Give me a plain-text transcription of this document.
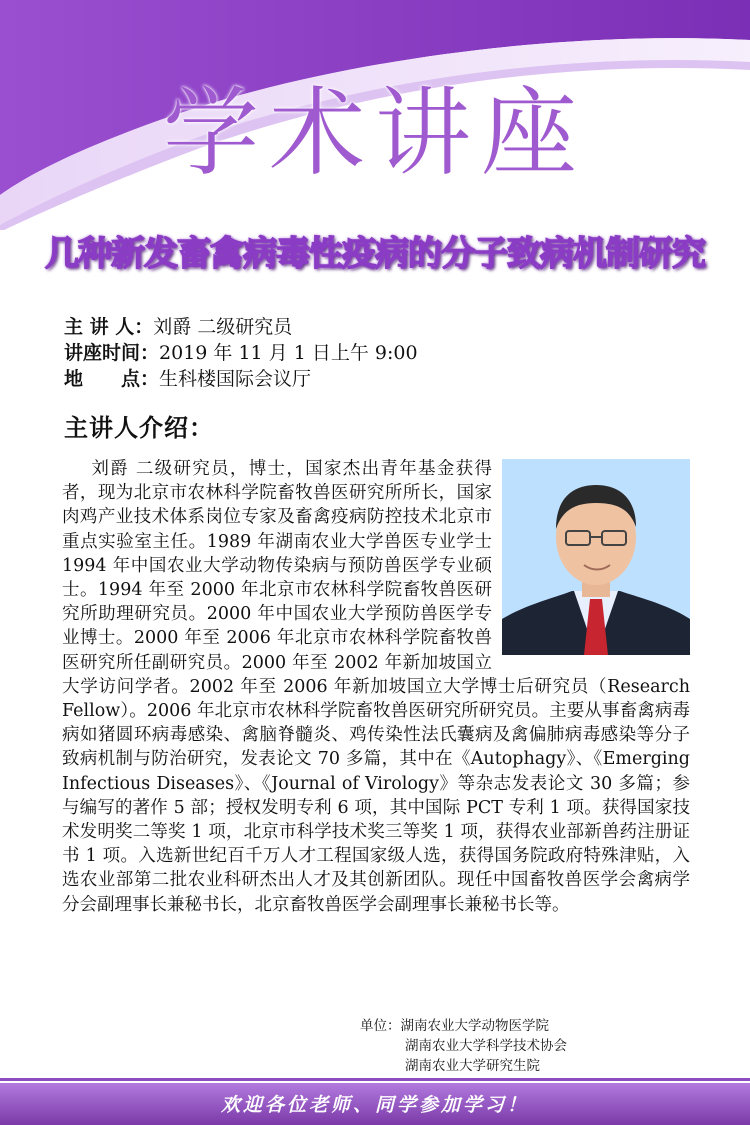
学术讲座
几种新发畜禽病毒性疫病的分子致病机制研究
主 讲 人：刘爵 二级研究员
讲座时间：2019 年 11 月 1 日上午 9:00
地　　点：生科楼国际会议厅
主讲人介绍：
刘爵 二级研究员，博士，国家杰出青年基金获得者，现为北京市农林科学院畜牧兽医研究所所长，国家肉鸡产业技术体系岗位专家及畜禽疫病防控技术北京市重点实验室主任。1989 年湖南农业大学兽医专业学士 1994 年中国农业大学动物传染病与预防兽医学专业硕士。1994 年至 2000 年北京市农林科学院畜牧兽医研究所助理研究员。2000 年中国农业大学预防兽医学专业博士。2000 年至 2006 年北京市农林科学院畜牧兽医研究所任副研究员。2000 年至 2002 年新加坡国立大学访问学者。2002 年至 2006 年新加坡国立大学博士后研究员（Research Fellow）。2006 年北京市农林科学院畜牧兽医研究所研究员。主要从事畜禽病毒病如猪圆环病毒感染、禽脑脊髓炎、鸡传染性法氏囊病及禽偏肺病毒感染等分子致病机制与防治研究，发表论文 70 多篇，其中在《Autophagy》、《Emerging Infectious Diseases》、《Journal of Virology》等杂志发表论文 30 多篇；参与编写的著作 5 部；授权发明专利 6 项，其中国际 PCT 专利 1 项。获得国家技术发明奖二等奖 1 项，北京市科学技术奖三等奖 1 项，获得农业部新兽药注册证书 1 项。入选新世纪百千万人才工程国家级人选，获得国务院政府特殊津贴，入选农业部第二批农业科研杰出人才及其创新团队。现任中国畜牧兽医学会禽病学分会副理事长兼秘书长，北京畜牧兽医学会副理事长兼秘书长等。
单位：湖南农业大学动物医学院
湖南农业大学科学技术协会
湖南农业大学研究生院
欢迎各位老师、同学参加学习！
